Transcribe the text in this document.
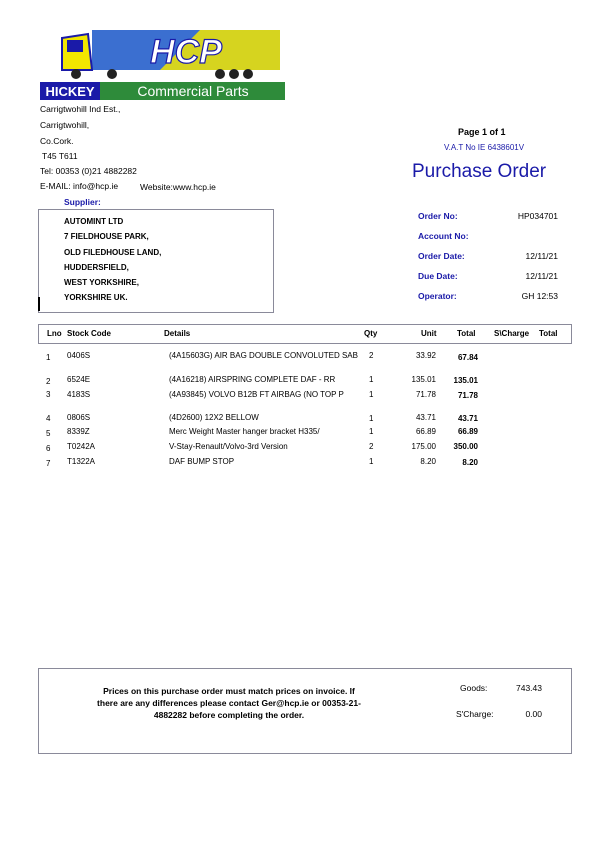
HCP
HICKEY	Commercial Parts
Carrigtwohill Ind Est.,
Carrigtwohill,
Co.Cork.
T45 T611
Tel: 00353 (0)21 4882282
E-MAIL: info@hcp.ie	Website:www.hcp.ie
Page 1 of 1
V.A.T No IE 6438601V
Purchase Order
Supplier:
AUTOMINT LTD
7 FIELDHOUSE PARK,
OLD FILEDHOUSE LAND,
HUDDERSFIELD,
WEST YORKSHIRE,
YORKSHIRE UK.
Order No:	HP034701
Account No:
Order Date:	12/11/21
Due Date:	12/11/21
Operator:	GH 12:53
Lno Stock Code	Details	Qty	Unit	Total S\Charge Total
1	0406S	(4A15603G) AIR BAG DOUBLE CONVOLUTED SAB	2	33.92	67.84
2	6524E	(4A16218) AIRSPRING COMPLETE DAF - RR	1	135.01	135.01
3	4183S	(4A93845) VOLVO B12B FT AIRBAG (NO TOP P	1	71.78	71.78
4	0806S	(4D2600) 12X2 BELLOW	1	43.71	43.71
5	8339Z	Merc Weight Master hanger bracket H335/	1	66.89	66.89
6	T0242A	V-Stay-Renault/Volvo-3rd Version	2	175.00	350.00
7	T1322A	DAF BUMP STOP	1	8.20	8.20
Prices on this purchase order must match prices on invoice. If there are any differences please contact Ger@hcp.ie or 00353-21-4882282 before completing the order.
Goods:	743.43
S'Charge:	0.00
